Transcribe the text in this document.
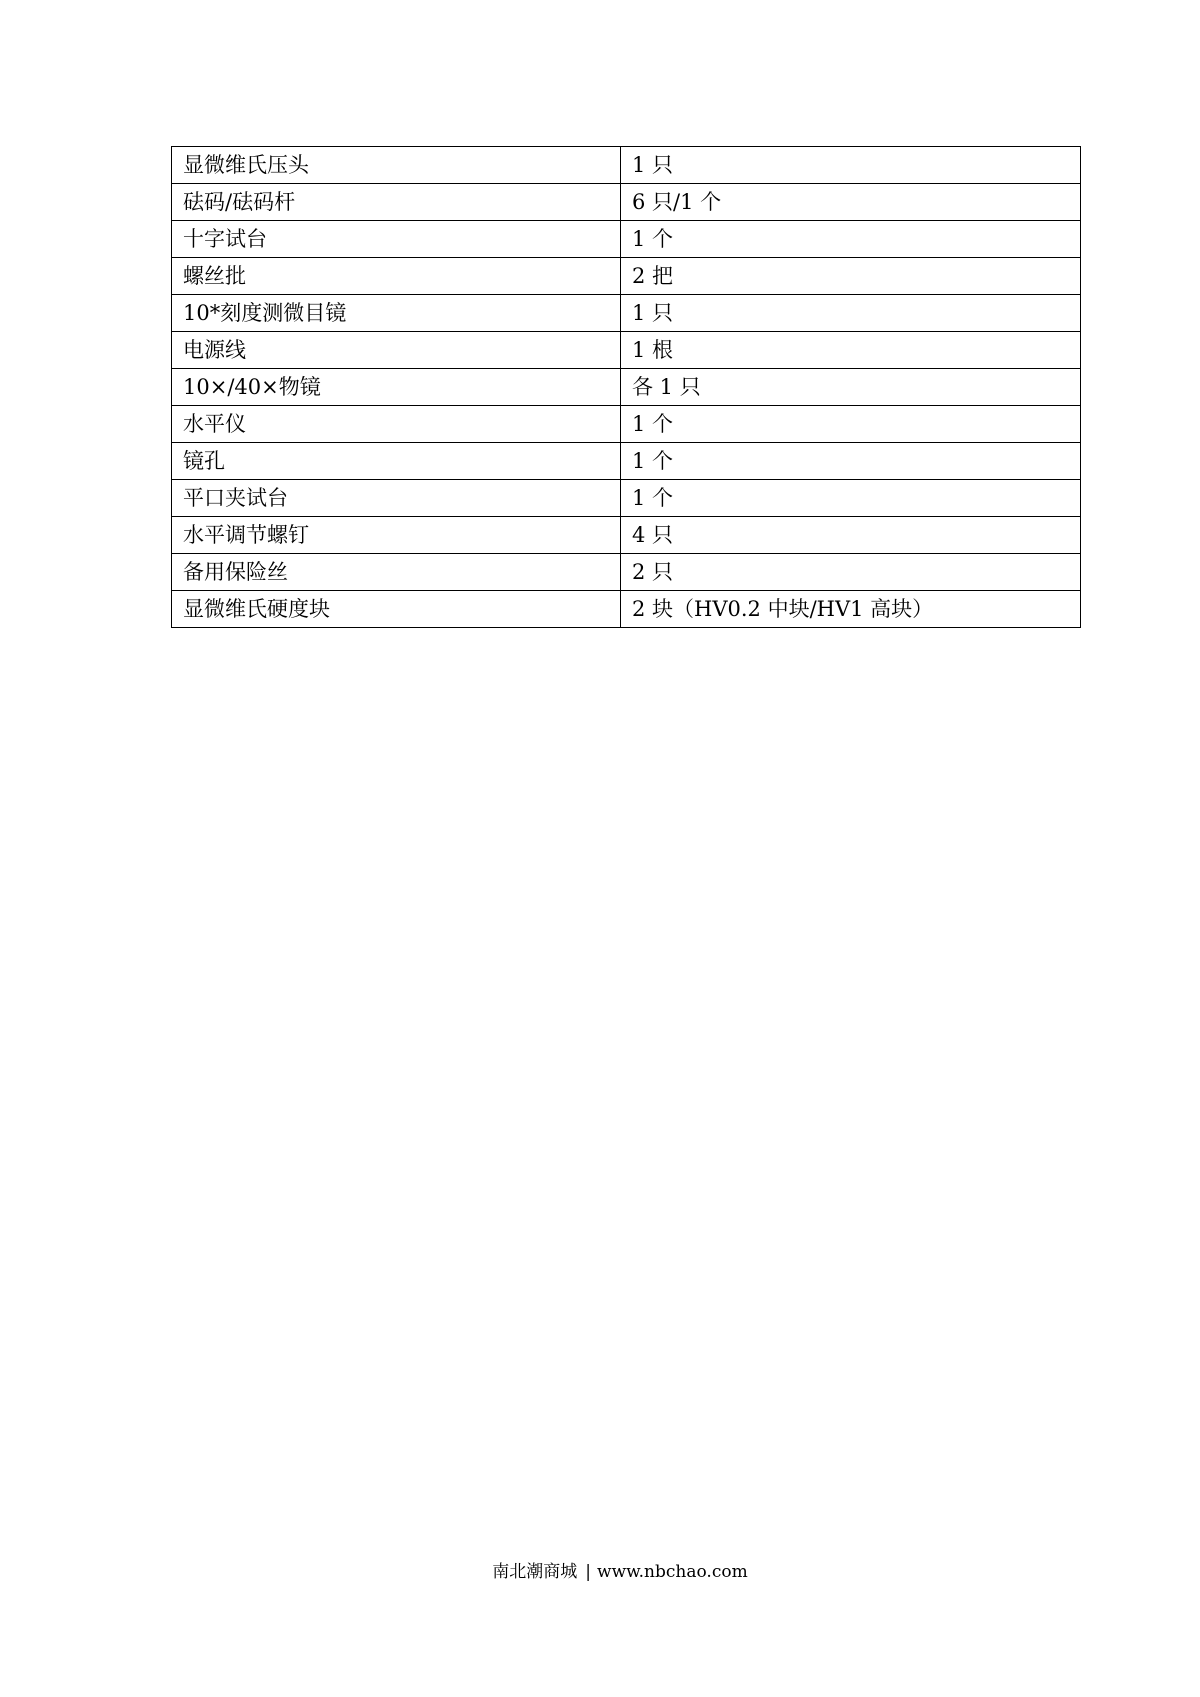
显微维氏压头	1 只
砝码/砝码杆	6 只/1 个
十字试台	1 个
螺丝批	2 把
10*刻度测微目镜	1 只
电源线	1 根
10×/40×物镜	各 1 只
水平仪	1 个
镜孔	1 个
平口夹试台	1 个
水平调节螺钉	4 只
备用保险丝	2 只
显微维氏硬度块	2 块（HV0.2 中块/HV1 高块）
南北潮商城 | www.nbchao.com
